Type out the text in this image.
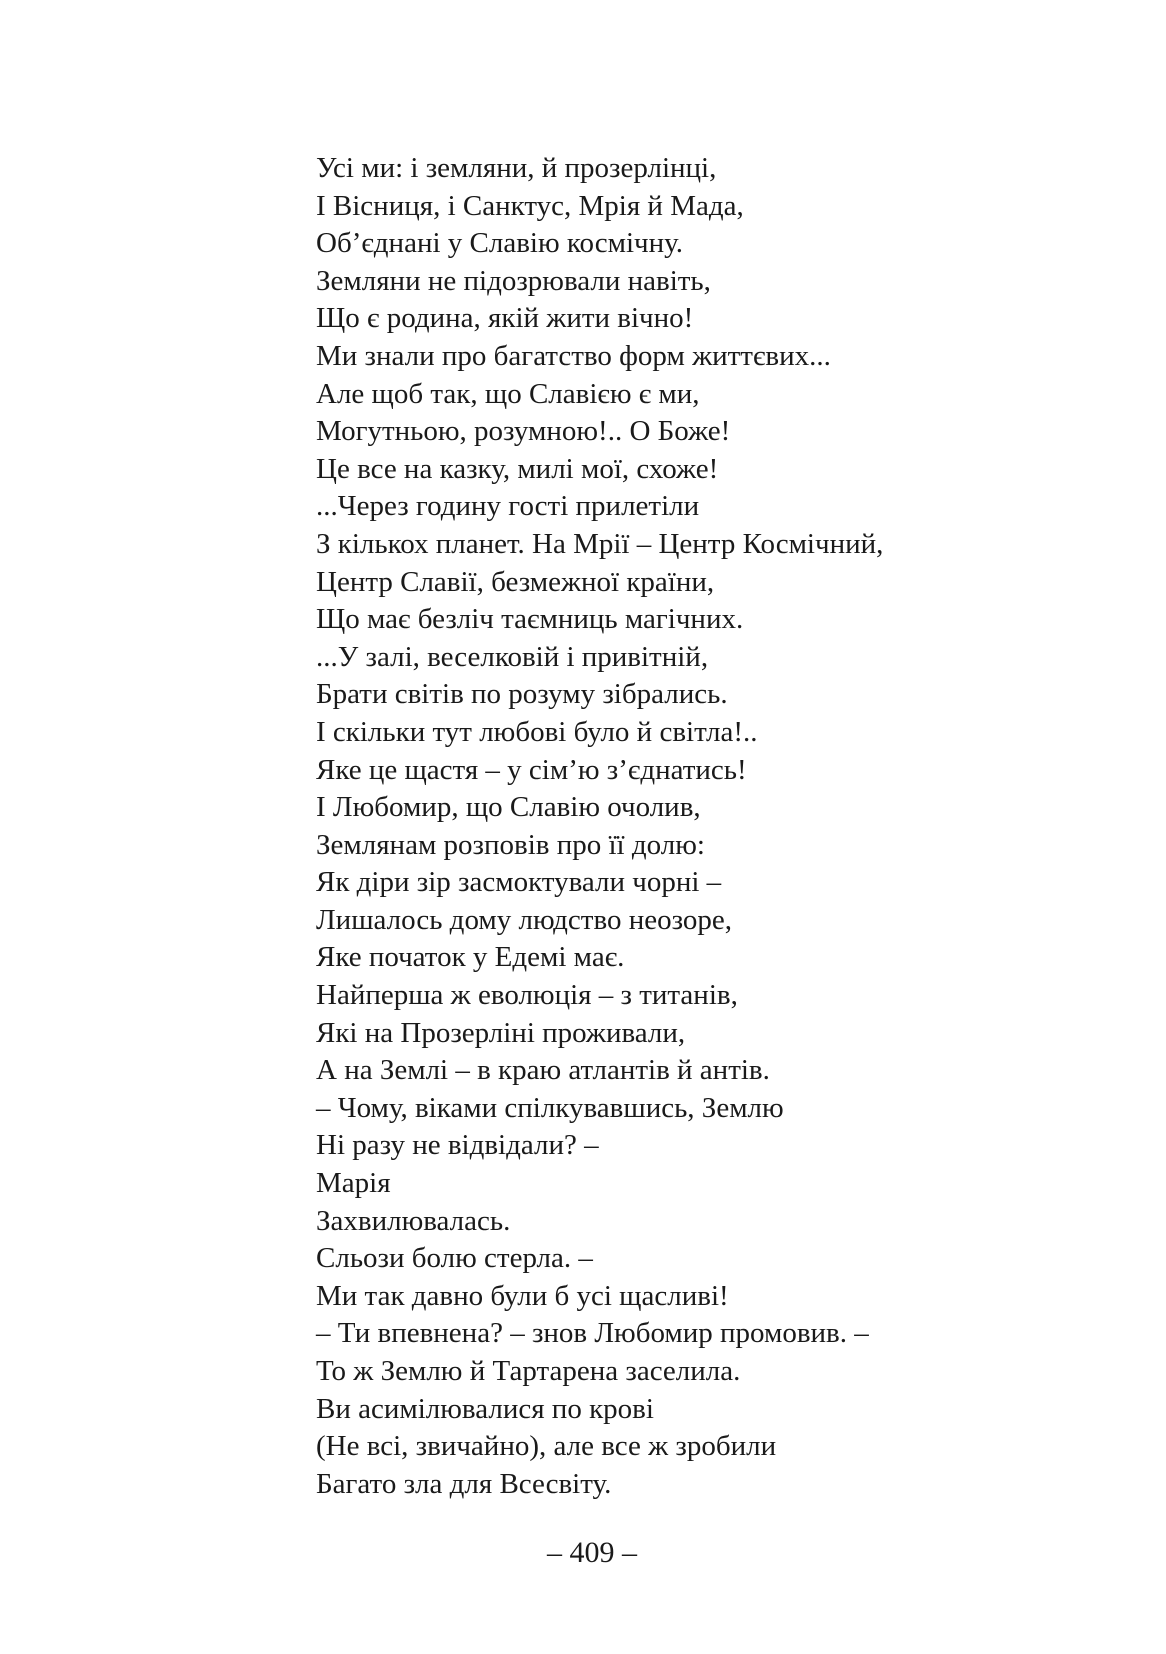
Усі ми: і земляни, й прозерлінці,
І Вісниця, і Санктус, Мрія й Мада,
Об’єднані у Славію космічну.
Земляни не підозрювали навіть,
Що є родина, якій жити вічно!
Ми знали про багатство форм життєвих...
Але щоб так, що Славією є ми,
Могутньою, розумною!.. О Боже!
Це все на казку, милі мої, схоже!
...Через годину гості прилетіли
З кількох планет. На Мрії – Центр Космічний,
Центр Славії, безмежної країни,
Що має безліч таємниць магічних.
...У залі, веселковій і привітній,
Брати світів по розуму зібрались.
І скільки тут любові було й світла!..
Яке це щастя – у сім’ю з’єднатись!
І Любомир, що Славію очолив,
Землянам розповів про її долю:
Як діри зір засмоктували чорні –
Лишалось дому людство неозоре,
Яке початок у Едемі має.
Найперша ж еволюція – з титанів,
Які на Прозерліні проживали,
А на Землі – в краю атлантів й антів.
– Чому, віками спілкувавшись, Землю
Ні разу не відвідали? –
Марія
Захвилювалась.
Сльози болю стерла. –
Ми так давно були б усі щасливі!
– Ти впевнена? – знов Любомир промовив. –
То ж Землю й Тартарена заселила.
Ви асимілювалися по крові
(Не всі, звичайно), але все ж зробили
Багато зла для Всесвіту.
– 409 –
